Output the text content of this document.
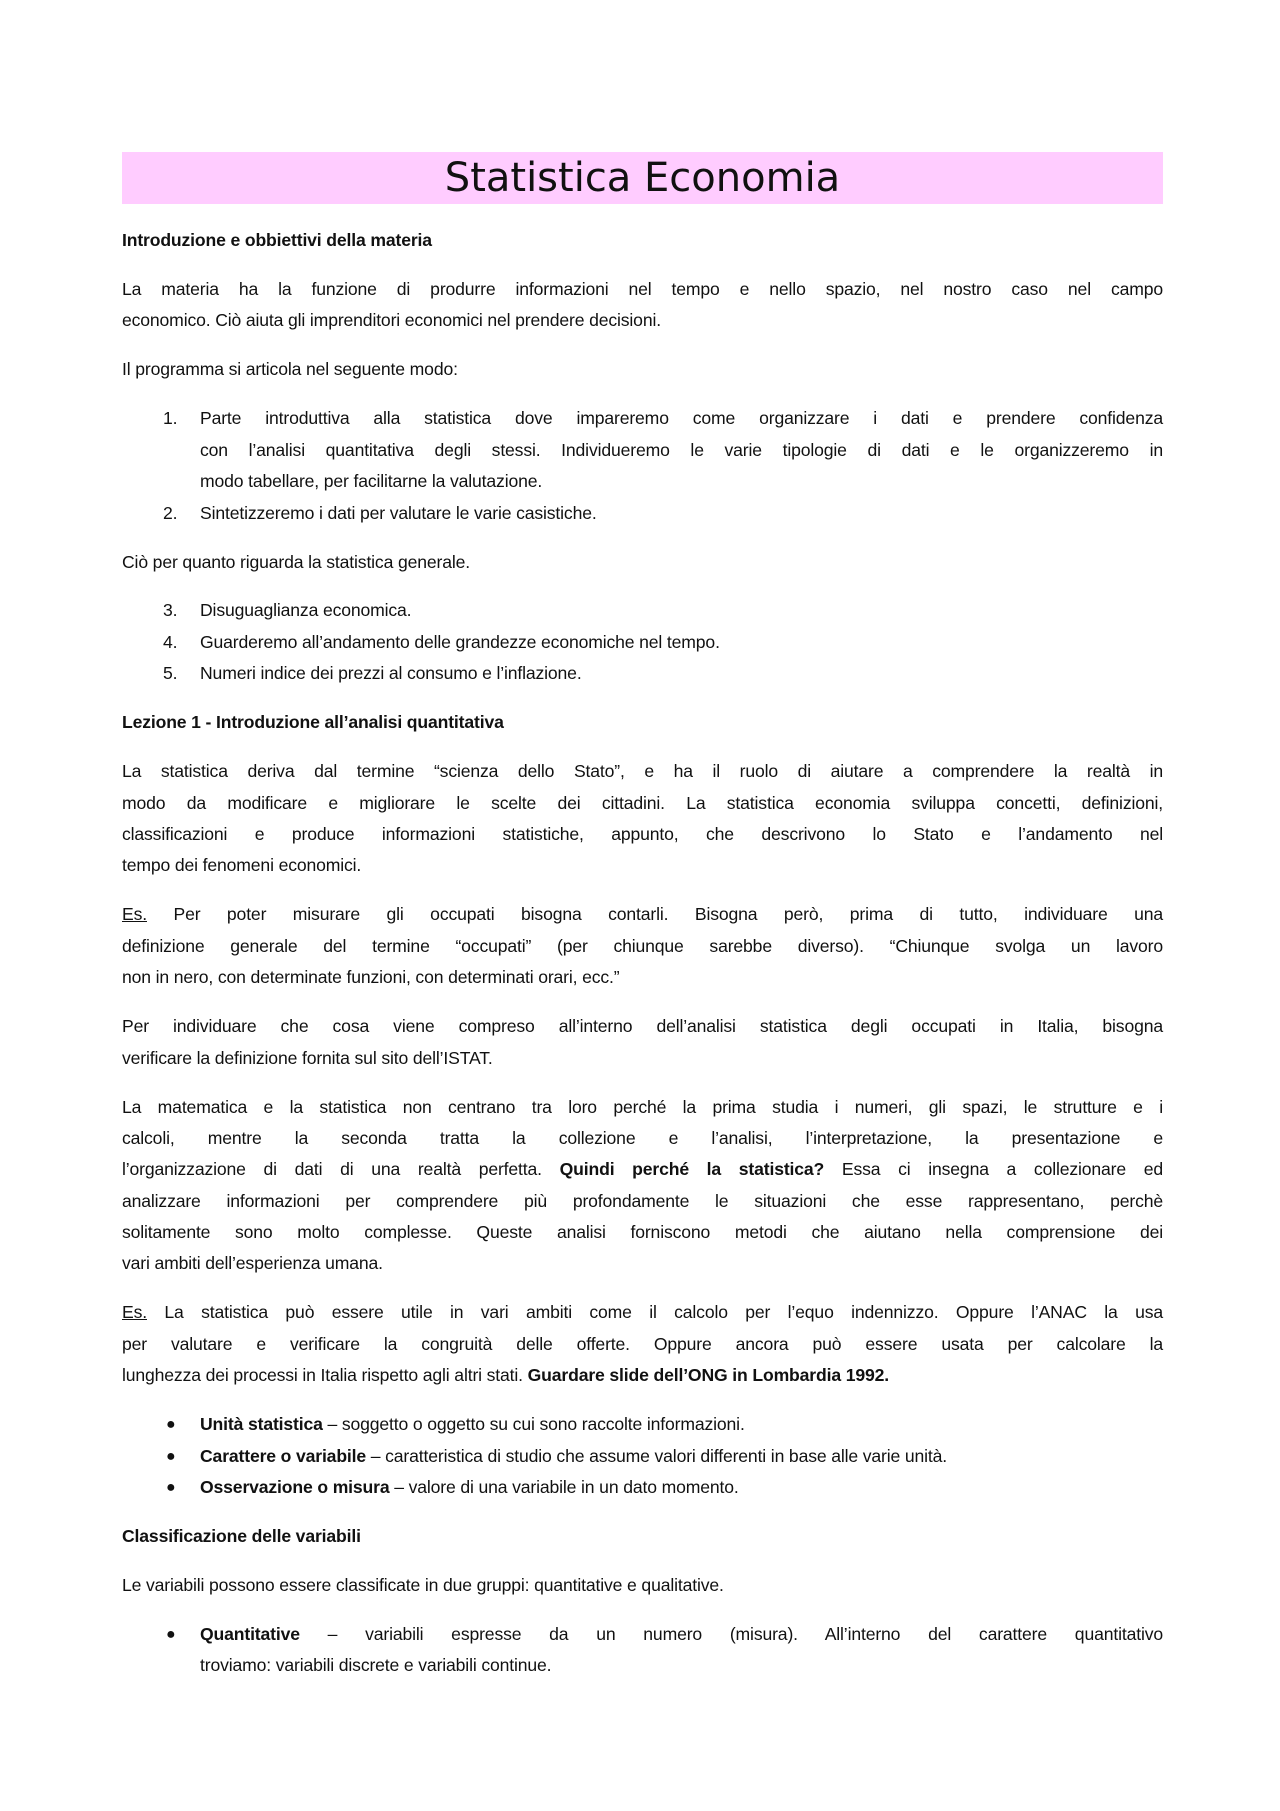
Statistica Economia
Introduzione e obbiettivi della materia
La materia ha la funzione di produrre informazioni nel tempo e nello spazio, nel nostro caso nel campo
economico. Ciò aiuta gli imprenditori economici nel prendere decisioni.
Il programma si articola nel seguente modo:
1. Parte introduttiva alla statistica dove impareremo come organizzare i dati e prendere confidenza
con l’analisi quantitativa degli stessi. Individueremo le varie tipologie di dati e le organizzeremo in
modo tabellare, per facilitarne la valutazione.
2. Sintetizzeremo i dati per valutare le varie casistiche.
Ciò per quanto riguarda la statistica generale.
3. Disuguaglianza economica.
4. Guarderemo all’andamento delle grandezze economiche nel tempo.
5. Numeri indice dei prezzi al consumo e l’inflazione.
Lezione 1 - Introduzione all’analisi quantitativa
La statistica deriva dal termine “scienza dello Stato”, e ha il ruolo di aiutare a comprendere la realtà in
modo da modificare e migliorare le scelte dei cittadini. La statistica economia sviluppa concetti, definizioni,
classificazioni e produce informazioni statistiche, appunto, che descrivono lo Stato e l’andamento nel
tempo dei fenomeni economici.
Es. Per poter misurare gli occupati bisogna contarli. Bisogna però, prima di tutto, individuare una
definizione generale del termine “occupati” (per chiunque sarebbe diverso). “Chiunque svolga un lavoro
non in nero, con determinate funzioni, con determinati orari, ecc.”
Per individuare che cosa viene compreso all’interno dell’analisi statistica degli occupati in Italia, bisogna
verificare la definizione fornita sul sito dell’ISTAT.
La matematica e la statistica non centrano tra loro perché la prima studia i numeri, gli spazi, le strutture e i
calcoli, mentre la seconda tratta la collezione e l’analisi, l’interpretazione, la presentazione e
l’organizzazione di dati di una realtà perfetta. Quindi perché la statistica? Essa ci insegna a collezionare ed
analizzare informazioni per comprendere più profondamente le situazioni che esse rappresentano, perchè
solitamente sono molto complesse. Queste analisi forniscono metodi che aiutano nella comprensione dei
vari ambiti dell’esperienza umana.
Es. La statistica può essere utile in vari ambiti come il calcolo per l’equo indennizzo. Oppure l’ANAC la usa
per valutare e verificare la congruità delle offerte. Oppure ancora può essere usata per calcolare la
lunghezza dei processi in Italia rispetto agli altri stati. Guardare slide dell’ONG in Lombardia 1992.
● Unità statistica – soggetto o oggetto su cui sono raccolte informazioni.
● Carattere o variabile – caratteristica di studio che assume valori differenti in base alle varie unità.
● Osservazione o misura – valore di una variabile in un dato momento.
Classificazione delle variabili
Le variabili possono essere classificate in due gruppi: quantitative e qualitative.
● Quantitative – variabili espresse da un numero (misura). All’interno del carattere quantitativo
troviamo: variabili discrete e variabili continue.
